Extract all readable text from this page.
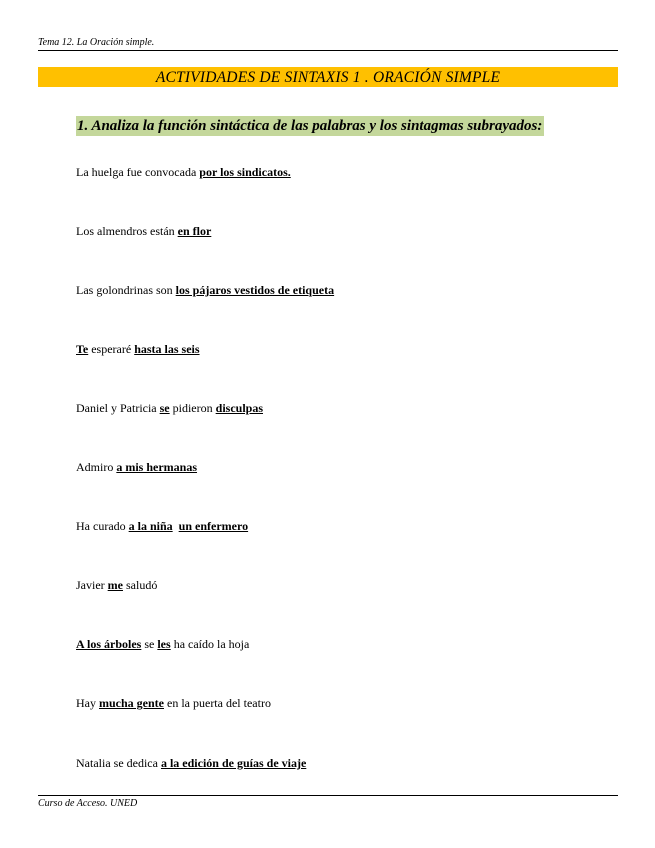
Tema 12. La Oración simple.
ACTIVIDADES DE SINTAXIS 1 . ORACIÓN SIMPLE
1. Analiza la función sintáctica de las palabras y los sintagmas subrayados:
La huelga fue convocada por los sindicatos.
Los almendros están en flor
Las golondrinas son los pájaros vestidos de etiqueta
Te esperaré hasta las seis
Daniel y Patricia se pidieron disculpas
Admiro a mis hermanas
Ha curado a la niña un enfermero
Javier me saludó
A los árboles se les ha caído la hoja
Hay mucha gente en la puerta del teatro
Natalia se dedica a la edición de guías de viaje
Curso de Acceso. UNED
